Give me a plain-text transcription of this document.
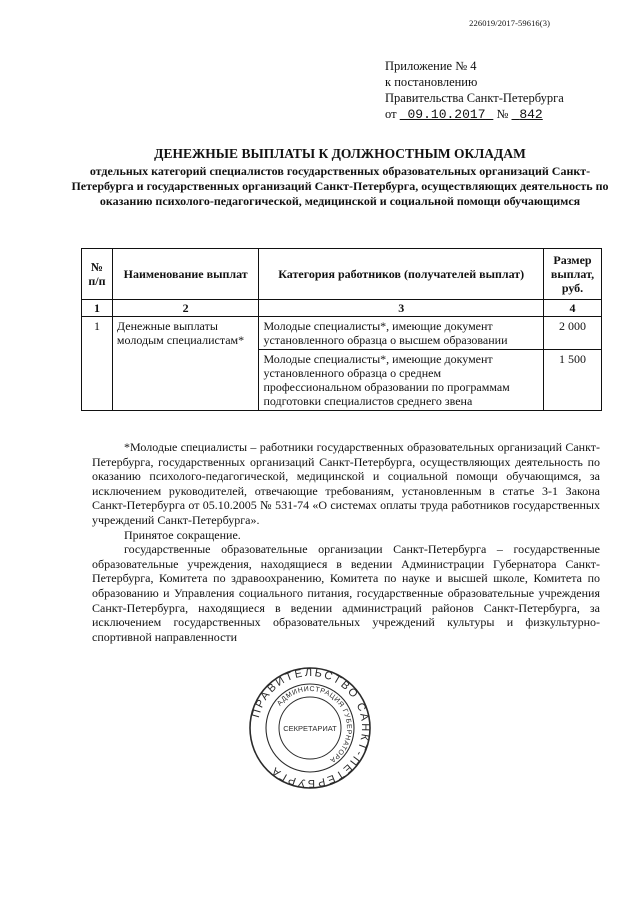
226019/2017-59616(3)
Приложение № 4
к постановлению
Правительства Санкт-Петербурга
от 09.10.2017 № 842
ДЕНЕЖНЫЕ ВЫПЛАТЫ К ДОЛЖНОСТНЫМ ОКЛАДАМ
отдельных категорий специалистов государственных образовательных организаций Санкт-Петербурга и государственных организаций Санкт-Петербурга, осуществляющих деятельность по оказанию психолого-педагогической, медицинской и социальной помощи обучающимся
№ п/п	Наименование выплат	Категория работников (получателей выплат)	Размер выплат, руб.
1	2	3	4
1	Денежные выплаты молодым специалистам*	Молодые специалисты*, имеющие документ установленного образца о высшем образовании	2 000
		Молодые специалисты*, имеющие документ установленного образца о среднем профессиональном образовании по программам подготовки специалистов среднего звена	1 500

*Молодые специалисты – работники государственных образовательных организаций Санкт-Петербурга, государственных организаций Санкт-Петербурга, осуществляющих деятельность по оказанию психолого-педагогической, медицинской и социальной помощи обучающимся, за исключением руководителей, отвечающие требованиям, установленным в статье 3-1 Закона Санкт-Петербурга от 05.10.2005 № 531-74 «О системах оплаты труда работников государственных учреждений Санкт-Петербурга».

Принятое сокращение.

государственные образовательные организации Санкт-Петербурга – государственные образовательные учреждения, находящиеся в ведении Администрации Губернатора Санкт-Петербурга, Комитета по здравоохранению, Комитета по науке и высшей школе, Комитета по образованию и Управления социального питания, государственные образовательные учреждения Санкт-Петербурга, находящиеся в ведении администраций районов Санкт-Петербурга, за исключением государственных образовательных учреждений культуры и физкультурно-спортивной направленности

ПРАВИТЕЛЬСТВО САНКТ-ПЕТЕРБУРГА
АДМИНИСТРАЦИЯ ГУБЕРНАТОРА
СЕКРЕТАРИАТ
